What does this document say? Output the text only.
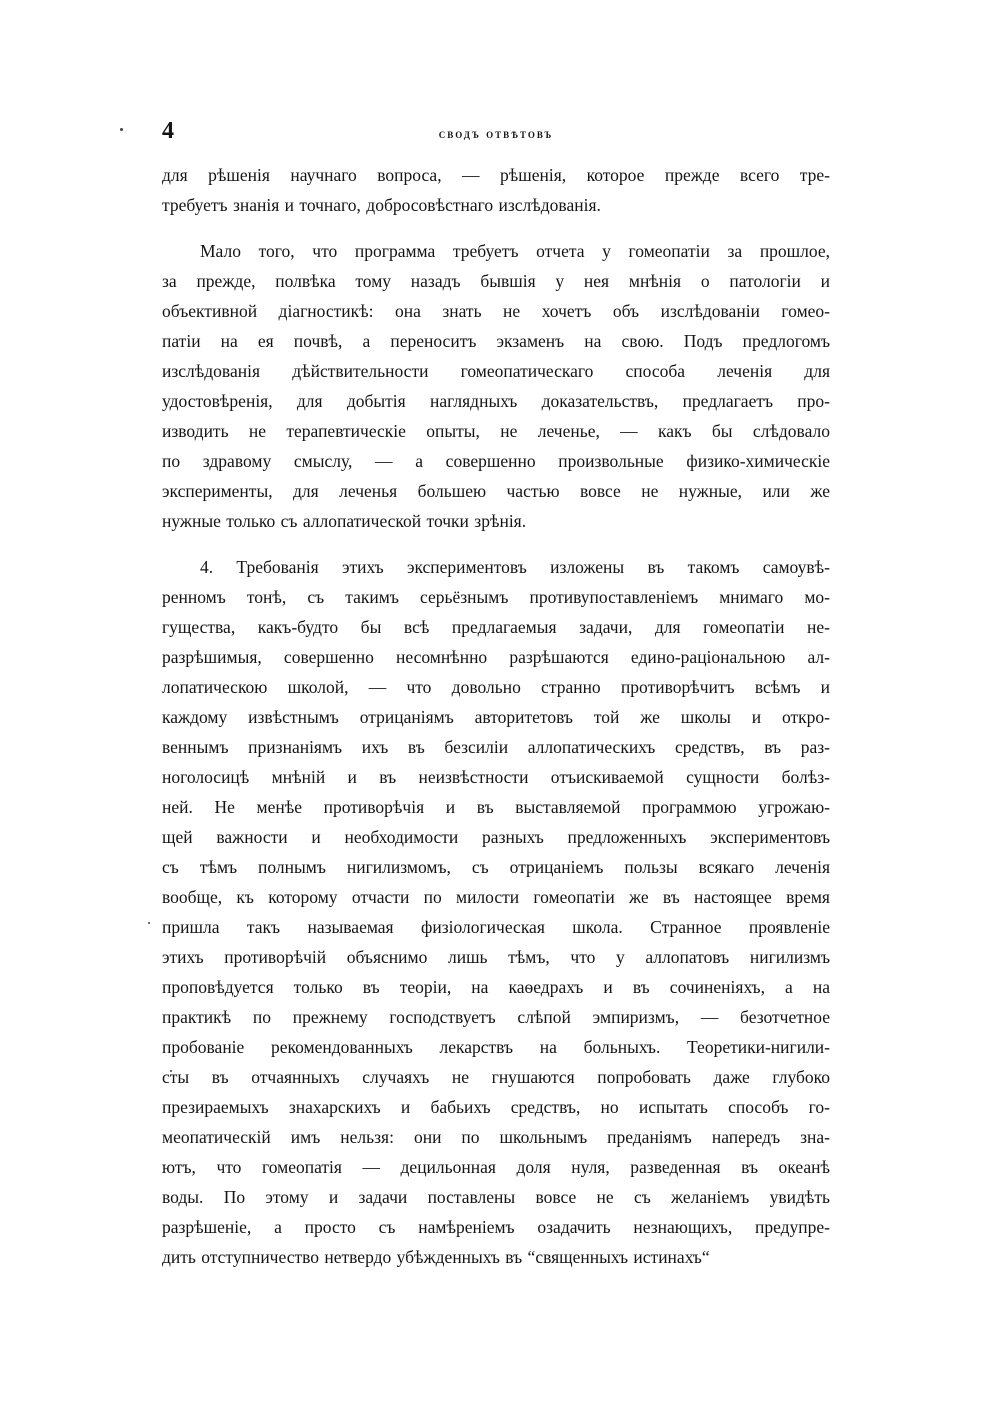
4	сводъ отвѣтовъ
для рѣшенія научнаго вопроса, — рѣшенія, которое прежде всего тре-
требуетъ знанія и точнаго, добросовѣстнаго изслѣдованія.
Мало того, что программа требуетъ отчета у гомеопатіи за прошлое,
за прежде, полвѣка тому назадъ бывшія у нея мнѣнія о патологіи и
объективной діагностикѣ: она знать не хочетъ объ изслѣдованіи гомео-
патіи на ея почвѣ, а переноситъ экзаменъ на свою. Подъ предлогомъ
изслѣдованія дѣйствительности гомеопатическаго способа леченія для
удостовѣренія, для добытія наглядныхъ доказательствъ, предлагаетъ про-
изводить не терапевтическіе опыты, не леченье, — какъ бы слѣдовало
по здравому смыслу, — а совершенно произвольные физико-химическіе
эксперименты, для леченья большею частью вовсе не нужные, или же
нужные только съ аллопатической точки зрѣнія.
4. Требованія этихъ экспериментовъ изложены въ такомъ самоувѣ-
ренномъ тонѣ, съ такимъ серьёзнымъ противупоставленіемъ мнимаго мо-
гущества, какъ-будто бы всѣ предлагаемыя задачи, для гомеопатіи не-
разрѣшимыя, совершенно несомнѣнно разрѣшаются едино-раціональною ал-
лопатическою школой, — что довольно странно противорѣчитъ всѣмъ и
каждому извѣстнымъ отрицаніямъ авторитетовъ той же школы и откро-
веннымъ признаніямъ ихъ въ безсиліи аллопатическихъ средствъ, въ раз-
ноголосицѣ мнѣній и въ неизвѣстности отъискиваемой сущности болѣз-
ней. Не менѣе противорѣчія и въ выставляемой программою угрожаю-
щей важности и необходимости разныхъ предложенныхъ экспериментовъ
съ тѣмъ полнымъ нигилизмомъ, съ отрицаніемъ пользы всякаго леченія
вообще, къ которому отчасти по милости гомеопатіи же въ настоящее время
пришла такъ называемая физіологическая школа. Странное проявленіе
этихъ противорѣчій объяснимо лишь тѣмъ, что у аллопатовъ нигилизмъ
проповѣдуется только въ теоріи, на каѳедрахъ и въ сочиненіяхъ, а на
практикѣ по прежнему господствуетъ слѣпой эмпиризмъ, — безотчетное
пробованіе рекомендованныхъ лекарствъ на больныхъ. Теоретики-нигили-
сты въ отчаянныхъ случаяхъ не гнушаются попробовать даже глубоко
презираемыхъ знахарскихъ и бабьихъ средствъ, но испытать способъ го-
меопатическій имъ нельзя: они по школьнымъ преданіямъ напередъ зна-
ютъ, что гомеопатія — децильонная доля нуля, разведенная въ океанѣ
воды. По этому и задачи поставлены вовсе не съ желаніемъ увидѣть
разрѣшеніе, а просто съ намѣреніемъ озадачить незнающихъ, предупре-
дить отступничество нетвердо убѣжденныхъ въ “священныхъ истинахъ“
